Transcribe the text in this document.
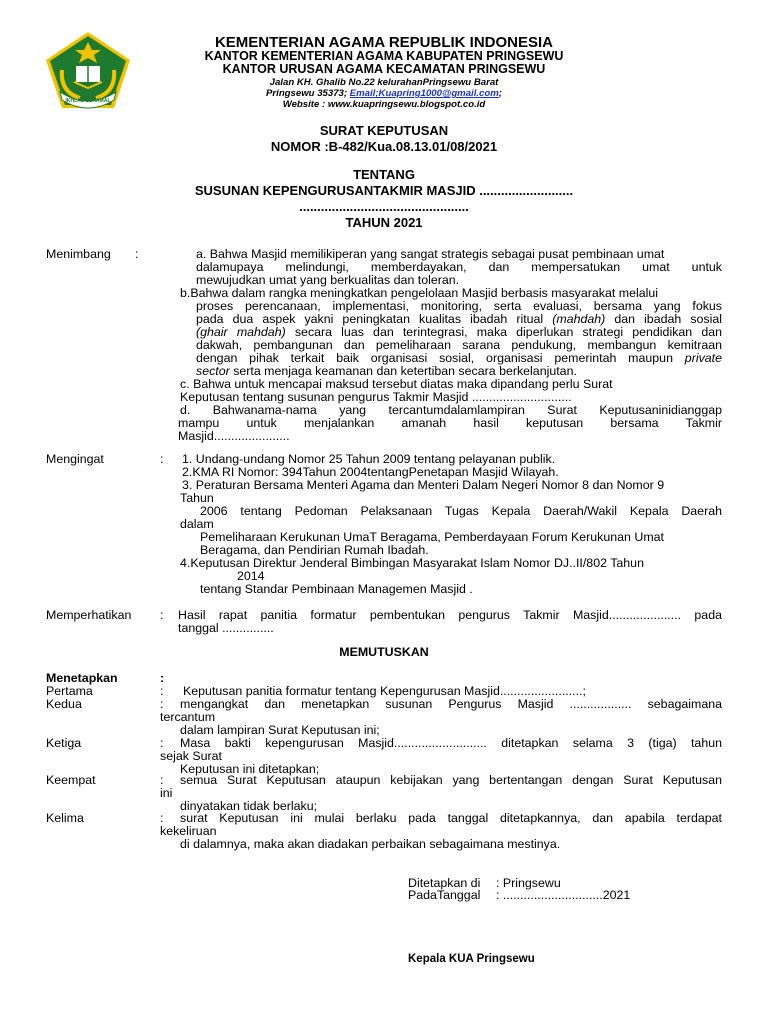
IKHLAS BERAMAL
KEMENTERIAN AGAMA REPUBLIK INDONESIA
KANTOR KEMENTERIAN AGAMA KABUPATEN PRINGSEWU
KANTOR URUSAN AGAMA KECAMATAN PRINGSEWU
Jalan KH. Ghalib No.22 kelurahanPringsewu Barat
Pringsewu 35373; Email;Kuapring1000@gmail.com;
Website : www.kuapringsewu.blogspot.co.id
SURAT KEPUTUSAN
NOMOR :B-482/Kua.08.13.01/08/2021
TENTANG
SUSUNAN KEPENGURUSANTAKMIR MASJID ..........................
...............................................
TAHUN 2021
Menimbang :	a. Bahwa Masjid memilikiperan yang sangat strategis sebagai pusat pembinaan umat
dalamupaya melindungi, memberdayakan, dan mempersatukan umat untuk
mewujudkan umat yang berkualitas dan toleran.
b.Bahwa dalam rangka meningkatkan pengelolaan Masjid berbasis masyarakat melalui
proses perencanaan, implementasi, monitoring, serta evaluasi, bersama yang fokus
pada dua aspek yakni peningkatan kualitas ibadah ritual (mahdah) dan ibadah sosial
(ghair mahdah) secara luas dan terintegrasi, maka diperlukan strategi pendidikan dan
dakwah, pembangunan dan pemeliharaan sarana pendukung, membangun kemitraan
dengan pihak terkait baik organisasi sosial, organisasi pemerintah maupun private
sector serta menjaga keamanan dan ketertiban secara berkelanjutan.
c. Bahwa untuk mencapai maksud tersebut diatas maka dipandang perlu Surat
Keputusan tentang susunan pengurus Takmir Masjid .............................
d. Bahwanama-nama yang tercantumdalamlampiran Surat Keputusaninidianggap
mampu untuk menjalankan amanah hasil keputusan bersama Takmir
Masjid......................
Mengingat	: 1. Undang-undang Nomor 25 Tahun 2009 tentang pelayanan publik.
2.KMA RI Nomor: 394Tahun 2004tentangPenetapan Masjid Wilayah.
3. Peraturan Bersama Menteri Agama dan Menteri Dalam Negeri Nomor 8 dan Nomor 9
Tahun
2006 tentang Pedoman Pelaksanaan Tugas Kepala Daerah/Wakil Kepala Daerah
dalam
Pemeliharaan Kerukunan UmaT Beragama, Pemberdayaan Forum Kerukunan Umat
Beragama, dan Pendirian Rumah Ibadah.
4.Keputusan Direktur Jenderal Bimbingan Masyarakat Islam Nomor DJ..II/802 Tahun
2014
tentang Standar Pembinaan Managemen Masjid .
Memperhatikan : Hasil rapat panitia formatur pembentukan pengurus Takmir Masjid..................... pada
tanggal ...............
MEMUTUSKAN
Menetapkan	:
Pertama	: Keputusan panitia formatur tentang Kepengurusan Masjid........................;
Kedua	: mengangkat dan menetapkan susunan Pengurus Masjid .................. sebagaimana
tercantum
dalam lampiran Surat Keputusan ini;
Ketiga	: Masa bakti kepengurusan Masjid........................... ditetapkan selama 3 (tiga) tahun
sejak Surat
Keputusan ini ditetapkan;
Keempat	: semua Surat Keputusan ataupun kebijakan yang bertentangan dengan Surat Keputusan
ini
dinyatakan tidak berlaku;
Kelima	: surat Keputusan ini mulai berlaku pada tanggal ditetapkannya, dan apabila terdapat
kekeliruan
di dalamnya, maka akan diadakan perbaikan sebagaimana mestinya.
Ditetapkan di : Pringsewu
PadaTanggal : .............................2021
Kepala KUA Pringsewu
